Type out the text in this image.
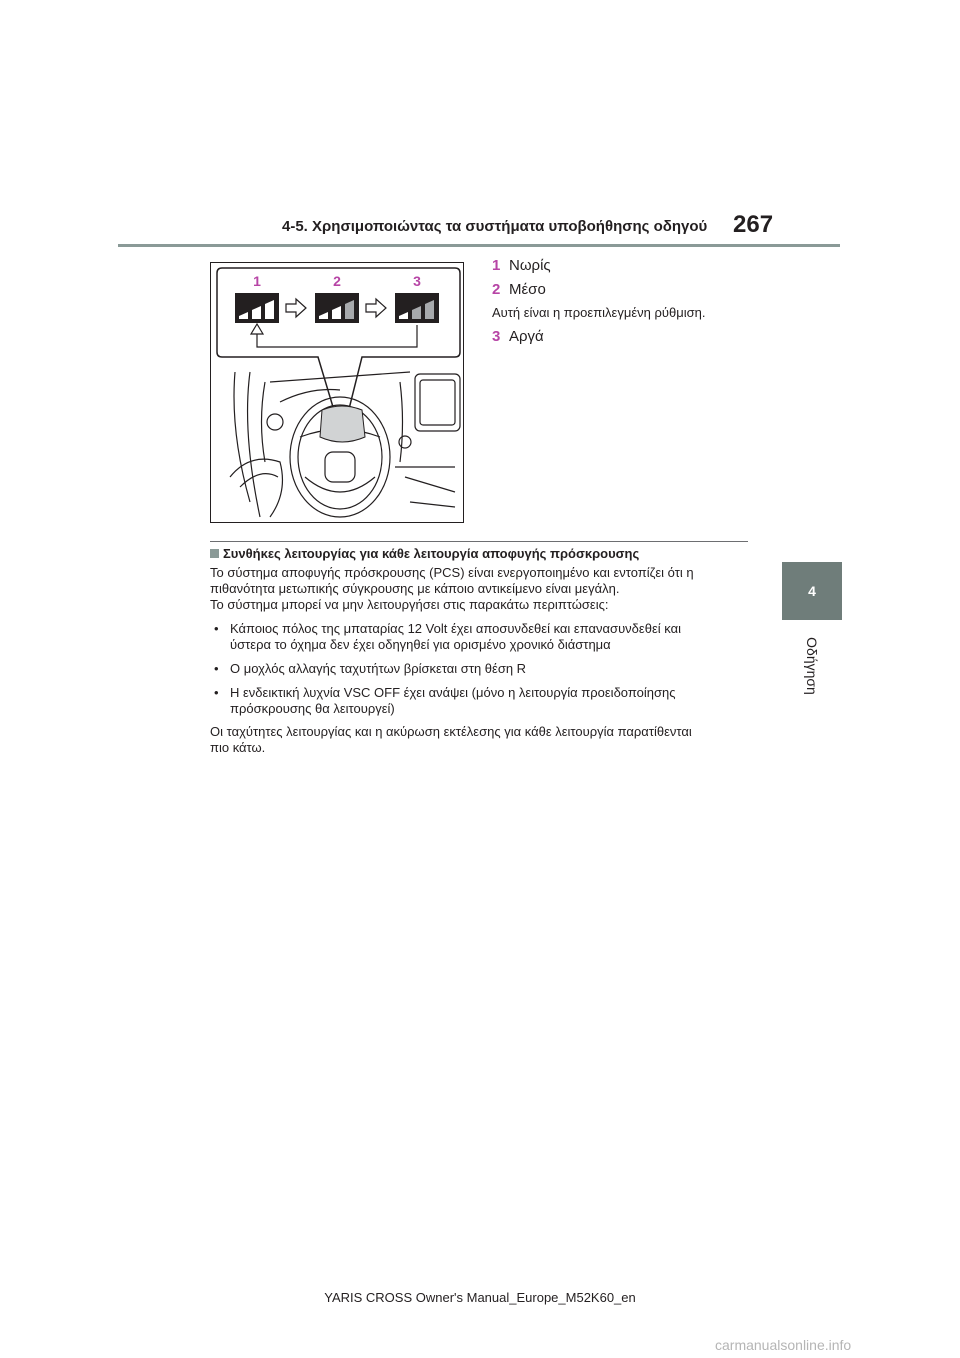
4-5. Χρησιμοποιώντας τα συστήματα υποβοήθησης οδηγού 267
4
Οδήγηση
1	2	3
1 Νωρίς
2 Μέσο
Αυτή είναι η προεπιλεγμένη ρύθμιση.
3 Αργά
Συνθήκες λειτουργίας για κάθε λειτουργία αποφυγής πρόσκρουσης
Το σύστημα αποφυγής πρόσκρουσης (PCS) είναι ενεργοποιημένο και εντοπίζει ότι η
πιθανότητα μετωπικής σύγκρουσης με κάποιο αντικείμενο είναι μεγάλη.
Το σύστημα μπορεί να μην λειτουργήσει στις παρακάτω περιπτώσεις:
• Κάποιος πόλος της μπαταρίας 12 Volt έχει αποσυνδεθεί και επανασυνδεθεί και
ύστερα το όχημα δεν έχει οδηγηθεί για ορισμένο χρονικό διάστημα
• Ο μοχλός αλλαγής ταχυτήτων βρίσκεται στη θέση R
• Η ενδεικτική λυχνία VSC OFF έχει ανάψει (μόνο η λειτουργία προειδοποίησης
πρόσκρουσης θα λειτουργεί)
Οι ταχύτητες λειτουργίας και η ακύρωση εκτέλεσης για κάθε λειτουργία παρατίθενται
πιο κάτω.
YARIS CROSS Owner's Manual_Europe_M52K60_en
carmanualsonline.info
